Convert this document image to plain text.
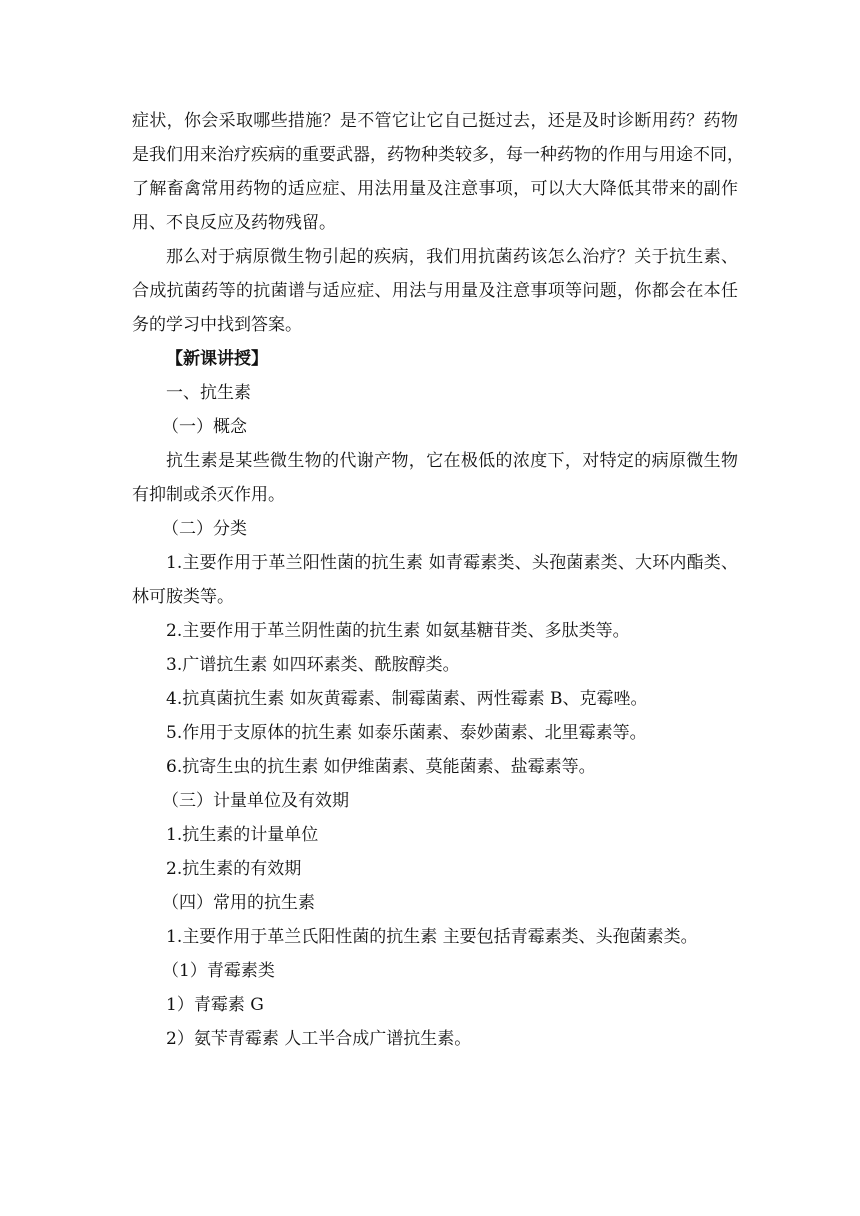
症状，你会采取哪些措施？是不管它让它自己挺过去，还是及时诊断用药？药物
是我们用来治疗疾病的重要武器，药物种类较多，每一种药物的作用与用途不同，
了解畜禽常用药物的适应症、用法用量及注意事项，可以大大降低其带来的副作
用、不良反应及药物残留。
那么对于病原微生物引起的疾病，我们用抗菌药该怎么治疗？关于抗生素、
合成抗菌药等的抗菌谱与适应症、用法与用量及注意事项等问题，你都会在本任
务的学习中找到答案。
【新课讲授】
一、抗生素
（一）概念
抗生素是某些微生物的代谢产物，它在极低的浓度下，对特定的病原微生物
有抑制或杀灭作用。
（二）分类
1.主要作用于革兰阳性菌的抗生素 如青霉素类、头孢菌素类、大环内酯类、
林可胺类等。
2.主要作用于革兰阴性菌的抗生素 如氨基糖苷类、多肽类等。
3.广谱抗生素 如四环素类、酰胺醇类。
4.抗真菌抗生素 如灰黄霉素、制霉菌素、两性霉素 B、克霉唑。
5.作用于支原体的抗生素 如泰乐菌素、泰妙菌素、北里霉素等。
6.抗寄生虫的抗生素 如伊维菌素、莫能菌素、盐霉素等。
（三）计量单位及有效期
1.抗生素的计量单位
2.抗生素的有效期
（四）常用的抗生素
1.主要作用于革兰氏阳性菌的抗生素 主要包括青霉素类、头孢菌素类。
（1）青霉素类
1）青霉素 G
2）氨苄青霉素 人工半合成广谱抗生素。
